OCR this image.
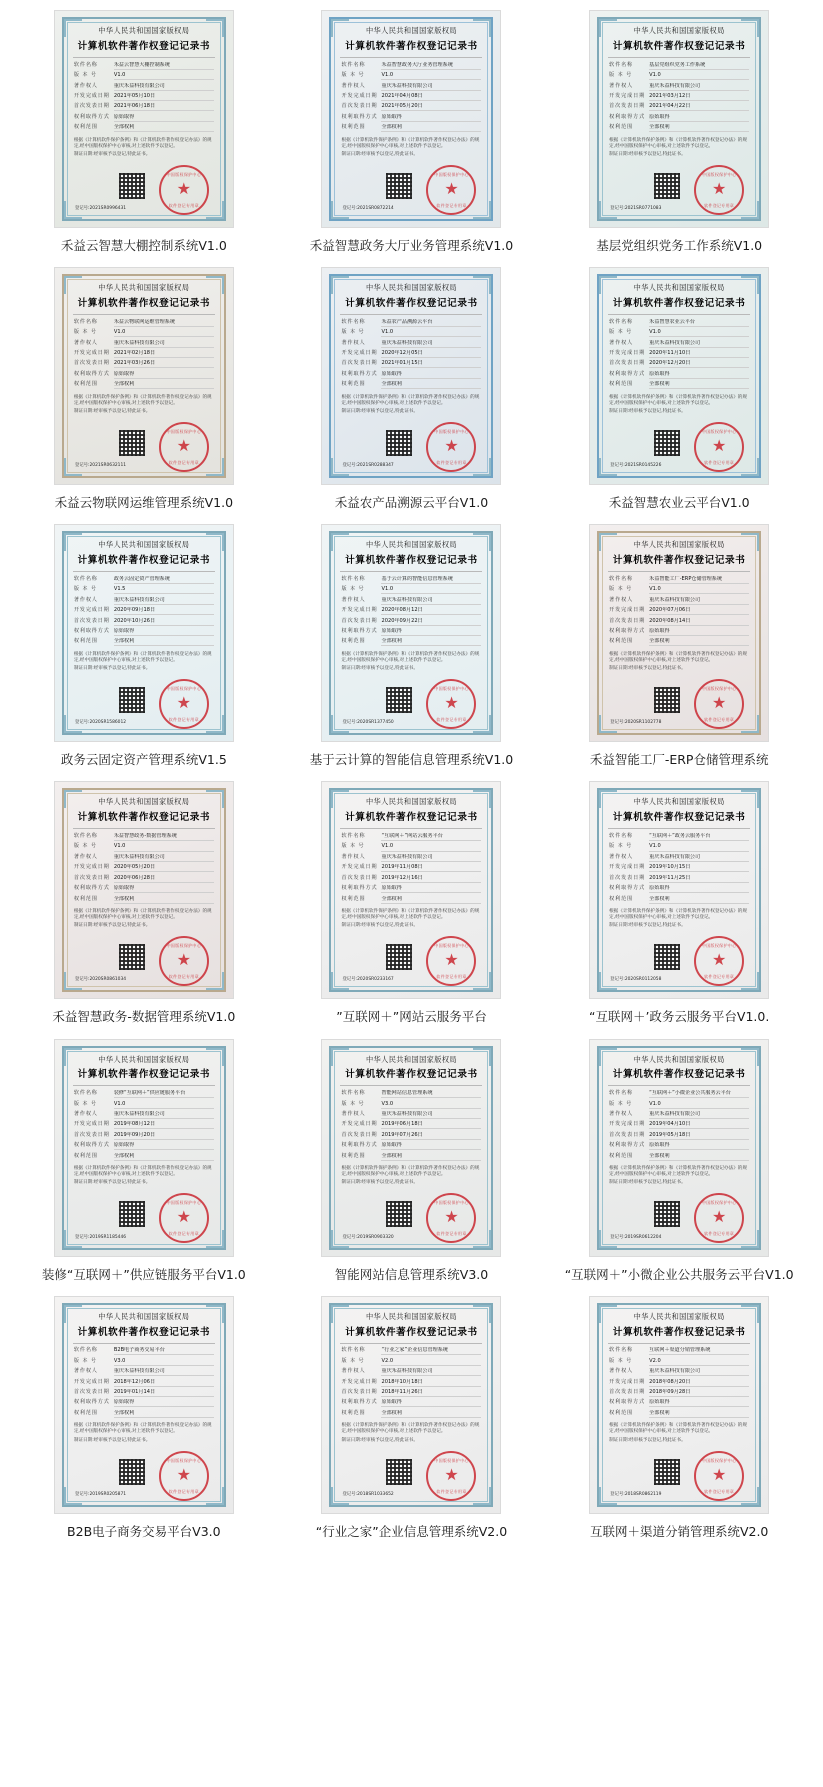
中华人民共和国国家版权局
计算机软件著作权登记记录书
软件名称	禾益云智慧大棚控制系统
版 本 号	V1.0
著作权人	重庆禾益科技有限公司
开发完成日期 2021年05月10日
首次发表日期 2021年06月18日
权利取得方式 原始取得
权利范围	全部权利
根据《计算机软件保护条例》和《计算机软件著作权登记办法》的规定,经中国版权保护中心审核,对上述软件予以登记。
制证日期:经审核予以登记,特此证书。
中国版权保护中心
★
软件登记专用章
登记号:2021SR0996431
禾益云智慧大棚控制系统V1.0
中华人民共和国国家版权局
计算机软件著作权登记记录书
软件名称	禾益智慧政务大厅业务管理系统
版 本 号	V1.0
著作权人	重庆禾益科技有限公司
开发完成日期 2021年04月08日
首次发表日期 2021年05月20日
权利取得方式 原始取得
权利范围	全部权利
根据《计算机软件保护条例》和《计算机软件著作权登记办法》的规定,经中国版权保护中心审核,对上述软件予以登记。
制证日期:经审核予以登记,特此证书。
中国版权保护中心
★
软件登记专用章
登记号:2021SR0872214
禾益智慧政务大厅业务管理系统V1.0
中华人民共和国国家版权局
计算机软件著作权登记记录书
软件名称	基层党组织党务工作系统
版 本 号	V1.0
著作权人	重庆禾益科技有限公司
开发完成日期 2021年03月12日
首次发表日期 2021年04月22日
权利取得方式 原始取得
权利范围	全部权利
根据《计算机软件保护条例》和《计算机软件著作权登记办法》的规定,经中国版权保护中心审核,对上述软件予以登记。
制证日期:经审核予以登记,特此证书。
中国版权保护中心
★
软件登记专用章
登记号:2021SR0771083
基层党组织党务工作系统V1.0
中华人民共和国国家版权局
计算机软件著作权登记记录书
软件名称	禾益云物联网运维管理系统
版 本 号	V1.0
著作权人	重庆禾益科技有限公司
开发完成日期 2021年02月18日
首次发表日期 2021年03月26日
权利取得方式 原始取得
权利范围	全部权利
根据《计算机软件保护条例》和《计算机软件著作权登记办法》的规定,经中国版权保护中心审核,对上述软件予以登记。
制证日期:经审核予以登记,特此证书。
中国版权保护中心
★
软件登记专用章
登记号:2021SR0632111
禾益云物联网运维管理系统V1.0
中华人民共和国国家版权局
计算机软件著作权登记记录书
软件名称	禾益农产品溯源云平台
版 本 号	V1.0
著作权人	重庆禾益科技有限公司
开发完成日期 2020年12月05日
首次发表日期 2021年01月15日
权利取得方式 原始取得
权利范围	全部权利
根据《计算机软件保护条例》和《计算机软件著作权登记办法》的规定,经中国版权保护中心审核,对上述软件予以登记。
制证日期:经审核予以登记,特此证书。
中国版权保护中心
★
软件登记专用章
登记号:2021SR0288347
禾益农产品溯源云平台V1.0
中华人民共和国国家版权局
计算机软件著作权登记记录书
软件名称	禾益智慧农业云平台
版 本 号	V1.0
著作权人	重庆禾益科技有限公司
开发完成日期 2020年11月10日
首次发表日期 2020年12月20日
权利取得方式 原始取得
权利范围	全部权利
根据《计算机软件保护条例》和《计算机软件著作权登记办法》的规定,经中国版权保护中心审核,对上述软件予以登记。
制证日期:经审核予以登记,特此证书。
中国版权保护中心
★
软件登记专用章
登记号:2021SR0145226
禾益智慧农业云平台V1.0
中华人民共和国国家版权局
计算机软件著作权登记记录书
软件名称	政务云固定资产管理系统
版 本 号	V1.5
著作权人	重庆禾益科技有限公司
开发完成日期 2020年09月18日
首次发表日期 2020年10月26日
权利取得方式 原始取得
权利范围	全部权利
根据《计算机软件保护条例》和《计算机软件著作权登记办法》的规定,经中国版权保护中心审核,对上述软件予以登记。
制证日期:经审核予以登记,特此证书。
中国版权保护中心
★
软件登记专用章
登记号:2020SR1586012
政务云固定资产管理系统V1.5
中华人民共和国国家版权局
计算机软件著作权登记记录书
软件名称	基于云计算的智能信息管理系统
版 本 号	V1.0
著作权人	重庆禾益科技有限公司
开发完成日期 2020年08月12日
首次发表日期 2020年09月22日
权利取得方式 原始取得
权利范围	全部权利
根据《计算机软件保护条例》和《计算机软件著作权登记办法》的规定,经中国版权保护中心审核,对上述软件予以登记。
制证日期:经审核予以登记,特此证书。
中国版权保护中心
★
软件登记专用章
登记号:2020SR1377450
基于云计算的智能信息管理系统V1.0
中华人民共和国国家版权局
计算机软件著作权登记记录书
软件名称	禾益智能工厂-ERP仓储管理系统
版 本 号	V1.0
著作权人	重庆禾益科技有限公司
开发完成日期 2020年07月06日
首次发表日期 2020年08月14日
权利取得方式 原始取得
权利范围	全部权利
根据《计算机软件保护条例》和《计算机软件著作权登记办法》的规定,经中国版权保护中心审核,对上述软件予以登记。
制证日期:经审核予以登记,特此证书。
中国版权保护中心
★
软件登记专用章
登记号:2020SR1102778
禾益智能工厂-ERP仓储管理系统
中华人民共和国国家版权局
计算机软件著作权登记记录书
软件名称	禾益智慧政务-数据管理系统
版 本 号	V1.0
著作权人	重庆禾益科技有限公司
开发完成日期 2020年05月20日
首次发表日期 2020年06月28日
权利取得方式 原始取得
权利范围	全部权利
根据《计算机软件保护条例》和《计算机软件著作权登记办法》的规定,经中国版权保护中心审核,对上述软件予以登记。
制证日期:经审核予以登记,特此证书。
中国版权保护中心
★
软件登记专用章
登记号:2020SR0861034
禾益智慧政务-数据管理系统V1.0
中华人民共和国国家版权局
计算机软件著作权登记记录书
软件名称	“互联网＋”网站云服务平台
版 本 号	V1.0
著作权人	重庆禾益科技有限公司
开发完成日期 2019年11月08日
首次发表日期 2019年12月16日
权利取得方式 原始取得
权利范围	全部权利
根据《计算机软件保护条例》和《计算机软件著作权登记办法》的规定,经中国版权保护中心审核,对上述软件予以登记。
制证日期:经审核予以登记,特此证书。
中国版权保护中心
★
软件登记专用章
登记号:2020SR0233167
”互联网＋”网站云服务平台
中华人民共和国国家版权局
计算机软件著作权登记记录书
软件名称	“互联网＋”政务云服务平台
版 本 号	V1.0
著作权人	重庆禾益科技有限公司
开发完成日期 2019年10月15日
首次发表日期 2019年11月25日
权利取得方式 原始取得
权利范围	全部权利
根据《计算机软件保护条例》和《计算机软件著作权登记办法》的规定,经中国版权保护中心审核,对上述软件予以登记。
制证日期:经审核予以登记,特此证书。
中国版权保护中心
★
软件登记专用章
登记号:2020SR0112058
“互联网＋’政务云服务平台V1.0.
中华人民共和国国家版权局
计算机软件著作权登记记录书
软件名称	装修“互联网＋”供应链服务平台
版 本 号	V1.0
著作权人	重庆禾益科技有限公司
开发完成日期 2019年08月12日
首次发表日期 2019年09月20日
权利取得方式 原始取得
权利范围	全部权利
根据《计算机软件保护条例》和《计算机软件著作权登记办法》的规定,经中国版权保护中心审核,对上述软件予以登记。
制证日期:经审核予以登记,特此证书。
中国版权保护中心
★
软件登记专用章
登记号:2019SR1185446
装修“互联网＋”供应链服务平台V1.0
中华人民共和国国家版权局
计算机软件著作权登记记录书
软件名称	智能网站信息管理系统
版 本 号	V3.0
著作权人	重庆禾益科技有限公司
开发完成日期 2019年06月18日
首次发表日期 2019年07月26日
权利取得方式 原始取得
权利范围	全部权利
根据《计算机软件保护条例》和《计算机软件著作权登记办法》的规定,经中国版权保护中心审核,对上述软件予以登记。
制证日期:经审核予以登记,特此证书。
中国版权保护中心
★
软件登记专用章
登记号:2019SR0903320
智能网站信息管理系统V3.0
中华人民共和国国家版权局
计算机软件著作权登记记录书
软件名称	“互联网＋”小微企业公共服务云平台
版 本 号	V1.0
著作权人	重庆禾益科技有限公司
开发完成日期 2019年04月10日
首次发表日期 2019年05月18日
权利取得方式 原始取得
权利范围	全部权利
根据《计算机软件保护条例》和《计算机软件著作权登记办法》的规定,经中国版权保护中心审核,对上述软件予以登记。
制证日期:经审核予以登记,特此证书。
中国版权保护中心
★
软件登记专用章
登记号:2019SR0612204
“互联网＋”小微企业公共服务云平台V1.0
中华人民共和国国家版权局
计算机软件著作权登记记录书
软件名称	B2B电子商务交易平台
版 本 号	V3.0
著作权人	重庆禾益科技有限公司
开发完成日期 2018年12月06日
首次发表日期 2019年01月14日
权利取得方式 原始取得
权利范围	全部权利
根据《计算机软件保护条例》和《计算机软件著作权登记办法》的规定,经中国版权保护中心审核,对上述软件予以登记。
制证日期:经审核予以登记,特此证书。
中国版权保护中心
★
软件登记专用章
登记号:2019SR0205871
B2B电子商务交易平台V3.0
中华人民共和国国家版权局
计算机软件著作权登记记录书
软件名称	“行业之家”企业信息管理系统
版 本 号	V2.0
著作权人	重庆禾益科技有限公司
开发完成日期 2018年10月18日
首次发表日期 2018年11月26日
权利取得方式 原始取得
权利范围	全部权利
根据《计算机软件保护条例》和《计算机软件著作权登记办法》的规定,经中国版权保护中心审核,对上述软件予以登记。
制证日期:经审核予以登记,特此证书。
中国版权保护中心
★
软件登记专用章
登记号:2018SR1033652
“行业之家”企业信息管理系统V2.0
中华人民共和国国家版权局
计算机软件著作权登记记录书
软件名称	互联网＋渠道分销管理系统
版 本 号	V2.0
著作权人	重庆禾益科技有限公司
开发完成日期 2018年08月20日
首次发表日期 2018年09月28日
权利取得方式 原始取得
权利范围	全部权利
根据《计算机软件保护条例》和《计算机软件著作权登记办法》的规定,经中国版权保护中心审核,对上述软件予以登记。
制证日期:经审核予以登记,特此证书。
中国版权保护中心
★
软件登记专用章
登记号:2018SR0862119
互联网＋渠道分销管理系统V2.0
